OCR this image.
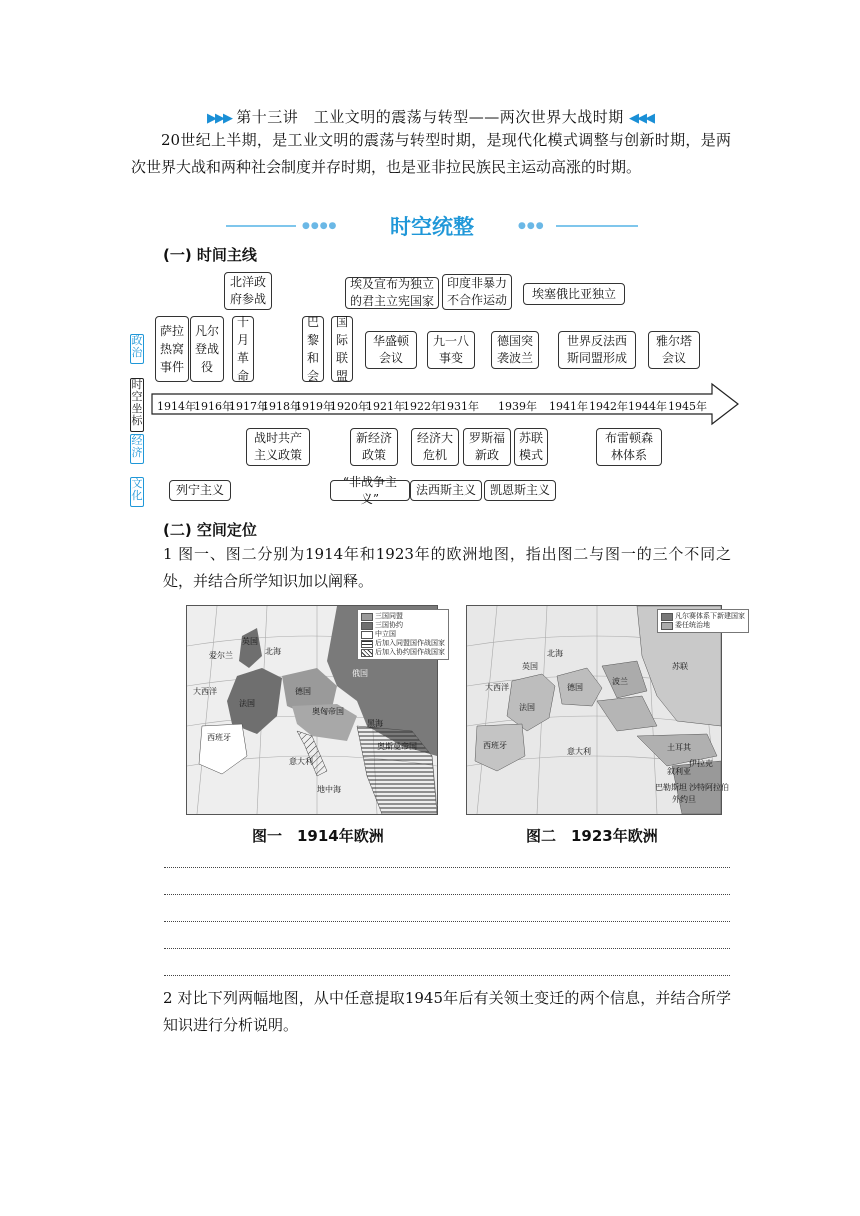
▶▶▶ 第十三讲　工业文明的震荡与转型——两次世界大战时期 ◀◀◀
20世纪上半期，是工业文明的震荡与转型时期，是现代化模式调整与创新时期，是两次世界大战和两种社会制度并存时期，也是亚非拉民族民主运动高涨的时期。
●●●●	时空统整	●●●
(一) 时间主线
政治
时空坐标
经济
文化
北洋政府参战
埃及宣布为独立的君主立宪国家
印度非暴力不合作运动	埃塞俄比亚独立
萨拉热窝事件
凡尔登战役
十月革命
巴黎和会
国际联盟
华盛顿会议
九一八事变
德国突袭波兰
世界反法西斯同盟形成
雅尔塔会议
1914年
1916年
1917年
1918年
1919年
1920年
1921年
1922年
1931年 1939年 1941年 1942年 1944年 1945年
战时共产主义政策
新经济政策
经济大危机
罗斯福新政
苏联模式
布雷顿森林体系
列宁主义
“非战争主义”
法西斯主义	凯恩斯主义
(二) 空间定位
1 图一、图二分别为1914年和1923年的欧洲地图，指出图二与图一的三个不同之处，并结合所学知识加以阐释。
三国同盟
三国协约
中立国
后加入同盟国作战国家
后加入协约国作战国家
爱尔兰
英国
北海
法国
德国
俄国
奥匈帝国
西班牙
大西洋
意大利
地中海
奥斯曼帝国
黑海
凡尔赛体系下新建国家
委任统治地
大西洋
北海
苏联
英国
德国
法国
波兰
西班牙
意大利	土耳其
伊拉克
叙利亚
巴勒斯坦
外约旦
沙特阿拉伯
图一　1914年欧洲	图二　1923年欧洲
2 对比下列两幅地图，从中任意提取1945年后有关领土变迁的两个信息，并结合所学知识进行分析说明。
